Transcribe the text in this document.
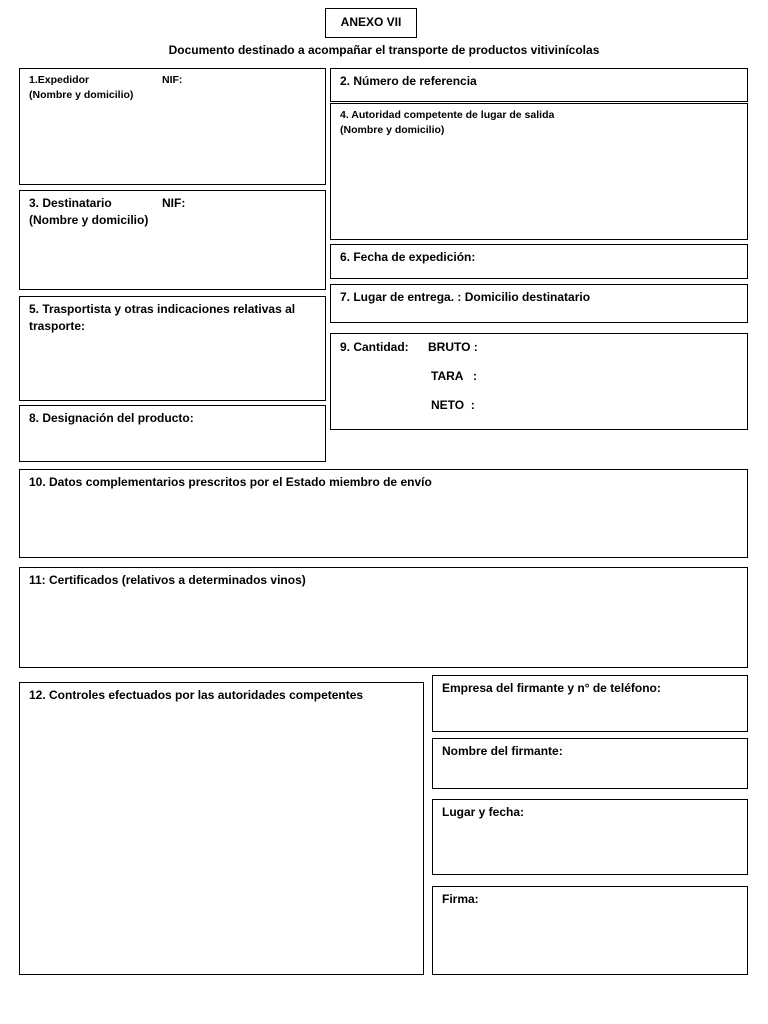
ANEXO VII
Documento destinado a acompañar el transporte de productos vitivinícolas
1.Expedidor	NIF:
(Nombre y domicilio)
2. Número de referencia
4. Autoridad competente de lugar de salida
(Nombre y domicilio)
3. Destinatario	NIF:
(Nombre y domicilio)
6. Fecha de expedición:
7. Lugar de entrega. : Domicilio destinatario
5. Trasportista y otras indicaciones relativas al trasporte:
9. Cantidad: BRUTO :
TARA   :
NETO  :
8. Designación del producto:
10. Datos complementarios prescritos por el Estado miembro de envío
11: Certificados (relativos a determinados vinos)
12. Controles efectuados por las autoridades competentes	Empresa del firmante y n° de teléfono:
Nombre del firmante:
Lugar y fecha:
Firma:
